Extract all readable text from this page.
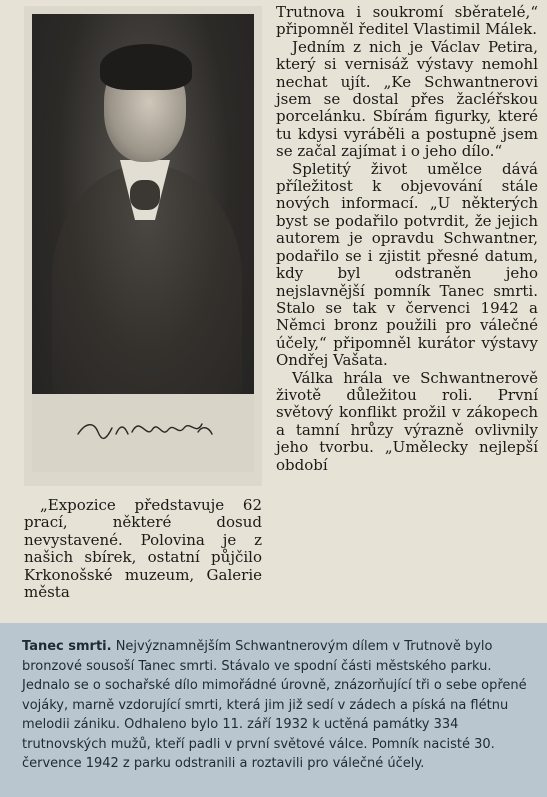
Trutnova i soukromí sběratelé,“ připomněl ředitel Vlastimil Málek.

Jedním z nich je Václav Petira, který si vernisáž výstavy nemohl nechat ujít. „Ke Schwantnerovi jsem se dostal přes žacléřskou porcelánku. Sbírám figurky, které tu kdysi vyráběli a postupně jsem se začal zajímat i o jeho dílo.“

Spletitý život umělce dává příležitost k objevování stále nových informací. „U některých byst se podařilo potvrdit, že jejich autorem je opravdu Schwantner, podařilo se i zjistit přesné datum, kdy byl odstraněn jeho nejslavnější pomník Tanec smrti. Stalo se tak v červenci 1942 a Němci bronz použili pro válečné účely,“ připomněl kurátor výstavy Ondřej Vašata.

Válka hrála ve Schwantnerově životě důležitou roli. První světový konflikt prožil v zákopech a tamní hrůzy výrazně ovlivnily jeho tvorbu. „Umělecky nejlepší období

„Expozice představuje 62 prací, některé dosud nevystavené. Polovina je z našich sbírek, ostatní půjčilo Krkonošské muzeum, Galerie města

Tanec smrti. Nejvýznamnějším Schwantnerovým dílem v Trutnově bylo bronzové sousoší Tanec smrti. Stávalo ve spodní části městského parku. Jednalo se o sochařské dílo mimořádné úrovně, znázorňující tři o sebe opřené vojáky, marně vzdorující smrti, která jim již sedí v zádech a píská na flétnu melodii zániku. Odhaleno bylo 11. září 1932 k uctěná památky 334 trutnovských mužů, kteří padli v první světové válce. Pomník nacisté 30. července 1942 z parku odstranili a roztavili pro válečné účely.
